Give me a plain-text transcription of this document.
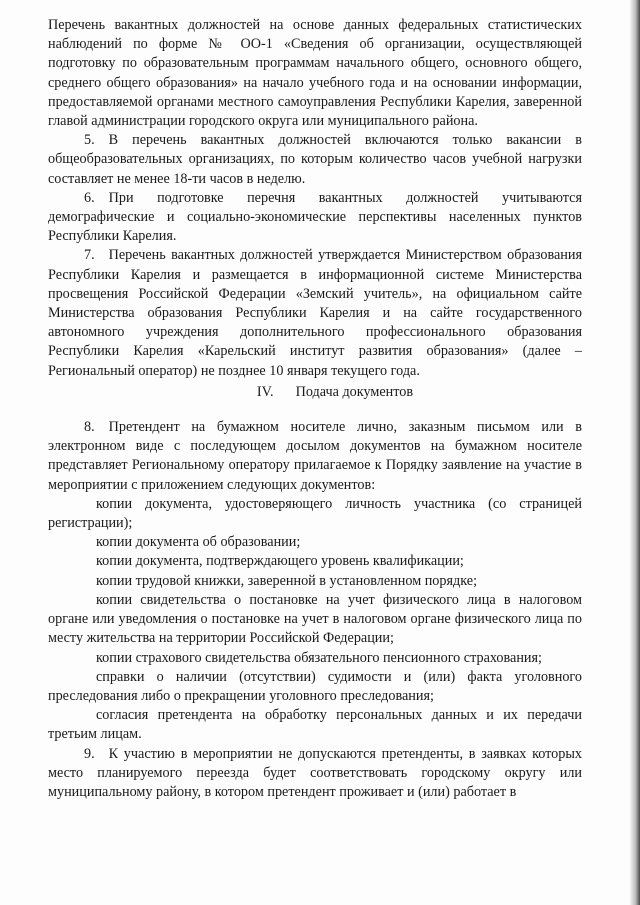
Перечень вакантных должностей на основе данных федеральных статистических наблюдений по форме № ОО-1 «Сведения об организации, осуществляющей подготовку по образовательным программам начального общего, основного общего, среднего общего образования» на начало учебного года и на основании информации, предоставляемой органами местного самоуправления Республики Карелия, заверенной главой администрации городского округа или муниципального района.

5. В перечень вакантных должностей включаются только вакансии в общеобразовательных организациях, по которым количество часов учебной нагрузки составляет не менее 18-ти часов в неделю.

6. При подготовке перечня вакантных должностей учитываются демографические и социально-экономические перспективы населенных пунктов Республики Карелия.

7. Перечень вакантных должностей утверждается Министерством образования Республики Карелия и размещается в информационной системе Министерства просвещения Российской Федерации «Земский учитель», на официальном сайте Министерства образования Республики Карелия и на сайте государственного автономного учреждения дополнительного профессионального образования Республики Карелия «Карельский институт развития образования» (далее – Региональный оператор) не позднее 10 января текущего года.

IV. Подача документов

8. Претендент на бумажном носителе лично, заказным письмом или в электронном виде с последующем досылом документов на бумажном носителе представляет Региональному оператору прилагаемое к Порядку заявление на участие в мероприятии с приложением следующих документов:

копии документа, удостоверяющего личность участника (со страницей регистрации);

копии документа об образовании;

копии документа, подтверждающего уровень квалификации;

копии трудовой книжки, заверенной в установленном порядке;

копии свидетельства о постановке на учет физического лица в налоговом органе или уведомления о постановке на учет в налоговом органе физического лица по месту жительства на территории Российской Федерации;

копии страхового свидетельства обязательного пенсионного страхования;

справки о наличии (отсутствии) судимости и (или) факта уголовного преследования либо о прекращении уголовного преследования;

согласия претендента на обработку персональных данных и их передачи третьим лицам.

9. К участию в мероприятии не допускаются претенденты, в заявках которых место планируемого переезда будет соответствовать городскому округу или муниципальному району, в котором претендент проживает и (или) работает в
